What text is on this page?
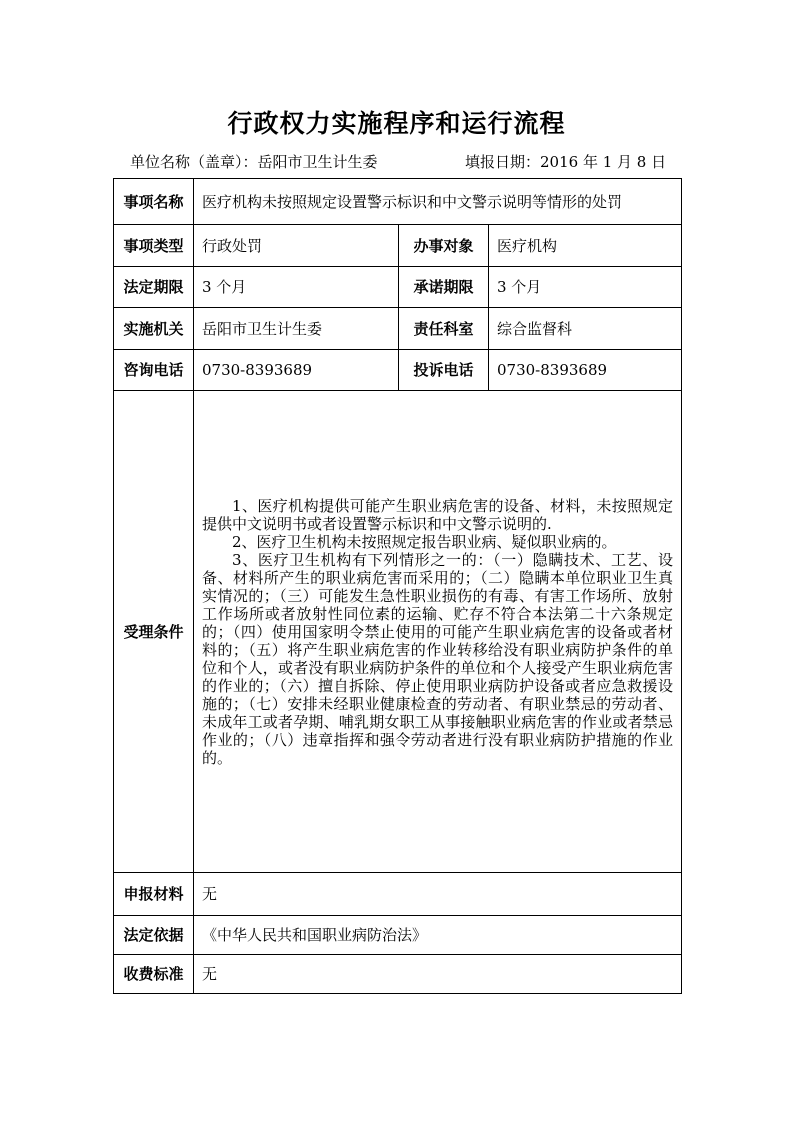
行政权力实施程序和运行流程
单位名称（盖章）：岳阳市卫生计生委	填报日期：2016 年 1 月 8 日
事项名称	医疗机构未按照规定设置警示标识和中文警示说明等情形的处罚		
事项类型	行政处罚	办事对象	医疗机构
法定期限	3 个月	承诺期限	3 个月
实施机关	岳阳市卫生计生委	责任科室	综合监督科
咨询电话	0730-8393689	投诉电话	0730-8393689
受理条件	1、医疗机构提供可能产生职业病危害的设备、材料，未按照规定提供中文说明书或者设置警示标识和中文警示说明的.

2、医疗卫生机构未按照规定报告职业病、疑似职业病的。

3、医疗卫生机构有下列情形之一的：（一）隐瞒技术、工艺、设备、材料所产生的职业病危害而采用的；（二）隐瞒本单位职业卫生真实情况的；（三）可能发生急性职业损伤的有毒、有害工作场所、放射工作场所或者放射性同位素的运输、贮存不符合本法第二十六条规定的；（四）使用国家明令禁止使用的可能产生职业病危害的设备或者材料的；（五）将产生职业病危害的作业转移给没有职业病防护条件的单位和个人，或者没有职业病防护条件的单位和个人接受产生职业病危害的作业的；（六）擅自拆除、停止使用职业病防护设备或者应急救援设施的；（七）安排未经职业健康检查的劳动者、有职业禁忌的劳动者、未成年工或者孕期、哺乳期女职工从事接触职业病危害的作业或者禁忌作业的；（八）违章指挥和强令劳动者进行没有职业病防护措施的作业的。		

申报材料	无		
法定依据	《中华人民共和国职业病防治法》		
收费标准	无		
